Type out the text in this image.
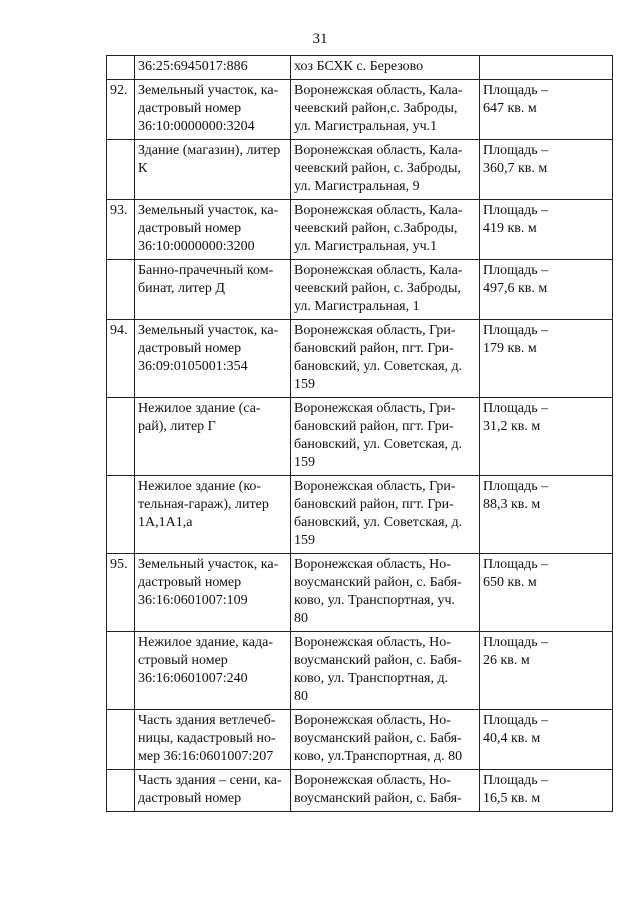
31

	36:25:6945017:886	хоз БСХК с. Березово	

92.	Земельный участок, ка-
дастровый номер
36:10:0000000:3204	Воронежская область, Кала-
чеевский район,с. Заброды,
ул. Магистральная, уч.1	Площадь –
647 кв. м

	Здание (магазин), литер
К	Воронежская область, Кала-
чеевский район, с. Заброды,
ул. Магистральная, 9	Площадь –
360,7 кв. м

93.	Земельный участок, ка-
дастровый номер
36:10:0000000:3200	Воронежская область, Кала-
чеевский район, с.Заброды,
ул. Магистральная, уч.1	Площадь –
419 кв. м

	Банно-прачечный ком-
бинат, литер Д	Воронежская область, Кала-
чеевский район, с. Заброды,
ул. Магистральная, 1	Площадь –
497,6 кв. м

94.	Земельный участок, ка-
дастровый номер
36:09:0105001:354	Воронежская область, Гри-
бановский район, пгт. Гри-
бановский, ул. Советская, д.
159	Площадь –
179 кв. м

	Нежилое здание (са-
рай), литер Г	Воронежская область, Гри-
бановский район, пгт. Гри-
бановский, ул. Советская, д.
159	Площадь –
31,2 кв. м

	Нежилое здание (ко-
тельная-гараж), литер
1А,1А1,а	Воронежская область, Гри-
бановский район, пгт. Гри-
бановский, ул. Советская, д.
159	Площадь –
88,3 кв. м

95.	Земельный участок, ка-
дастровый номер
36:16:0601007:109	Воронежская область, Но-
воусманский район, с. Бабя-
ково, ул. Транспортная, уч.
80	Площадь –
650 кв. м

	Нежилое здание, када-
стровый номер
36:16:0601007:240	Воронежская область, Но-
воусманский район, с. Бабя-
ково, ул. Транспортная, д.
80	Площадь –
26 кв. м

	Часть здания ветлечеб-
ницы, кадастровый но-
мер 36:16:0601007:207	Воронежская область, Но-
воусманский район, с. Бабя-
ково, ул.Транспортная, д. 80	Площадь –
40,4 кв. м

	Часть здания – сени, ка-
дастровый номер	Воронежская область, Но-
воусманский район, с. Бабя-	Площадь –
16,5 кв. м
